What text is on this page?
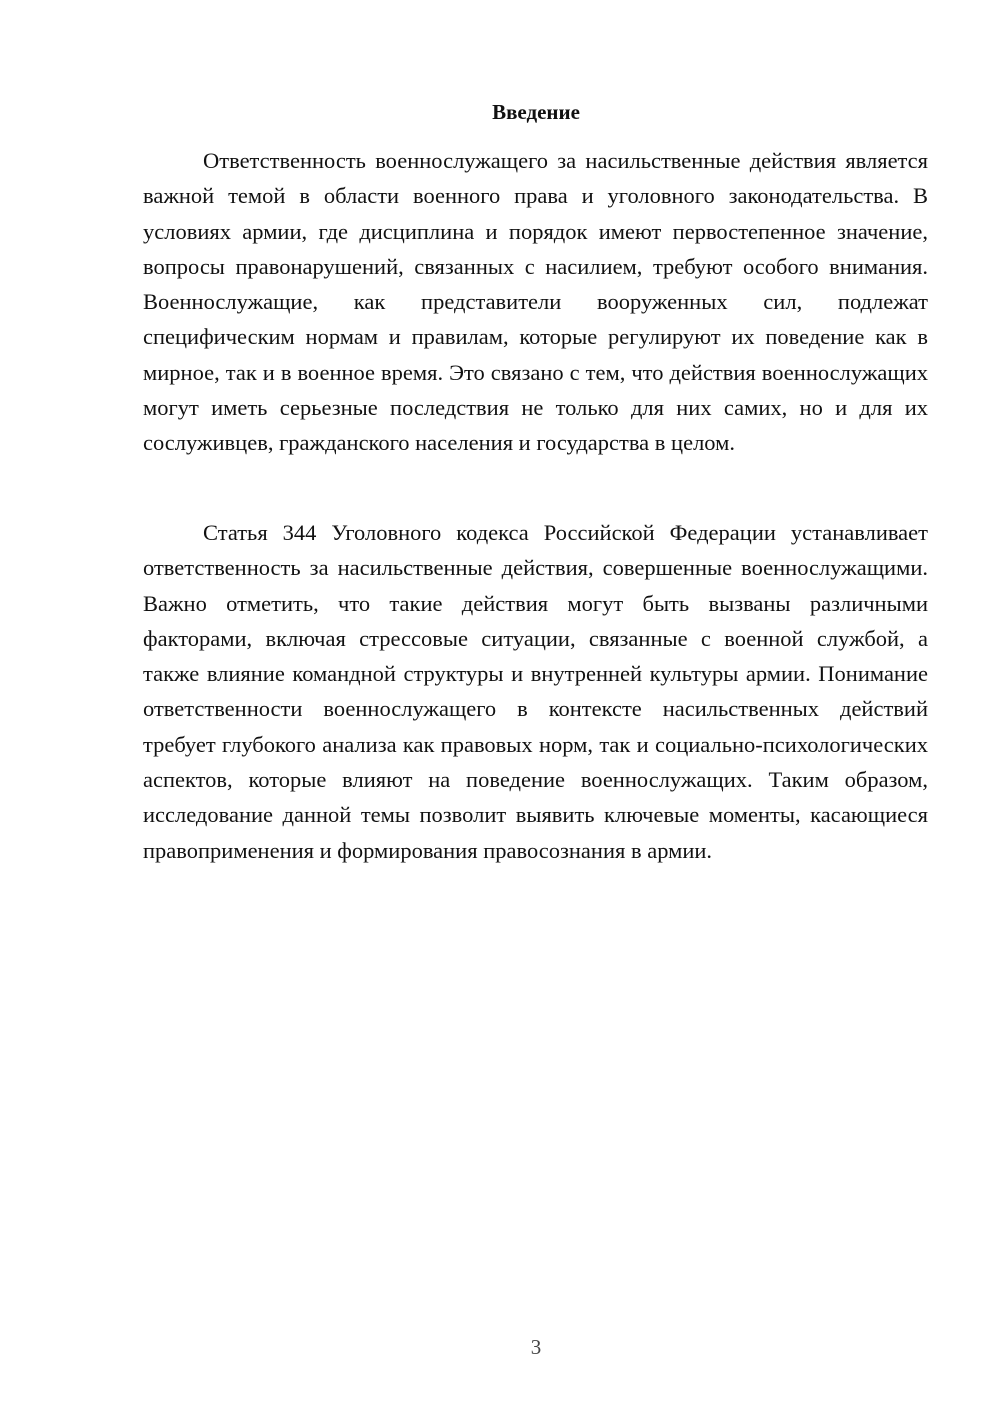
Введение

Ответственность военнослужащего за насильственные действия является важной темой в области военного права и уголовного законодательства. В условиях армии, где дисциплина и порядок имеют первостепенное значение, вопросы правонарушений, связанных с насилием, требуют особого внимания. Военнослужащие, как представители вооруженных сил, подлежат специфическим нормам и правилам, которые регулируют их поведение как в мирное, так и в военное время. Это связано с тем, что действия военнослужащих могут иметь серьезные последствия не только для них самих, но и для их сослуживцев, гражданского населения и государства в целом.

Статья 344 Уголовного кодекса Российской Федерации устанавливает ответственность за насильственные действия, совершенные военнослужащими. Важно отметить, что такие действия могут быть вызваны различными факторами, включая стрессовые ситуации, связанные с военной службой, а также влияние командной структуры и внутренней культуры армии. Понимание ответственности военнослужащего в контексте насильственных действий требует глубокого анализа как правовых норм, так и социально-психологических аспектов, которые влияют на поведение военнослужащих. Таким образом, исследование данной темы позволит выявить ключевые моменты, касающиеся правоприменения и формирования правосознания в армии.

3
